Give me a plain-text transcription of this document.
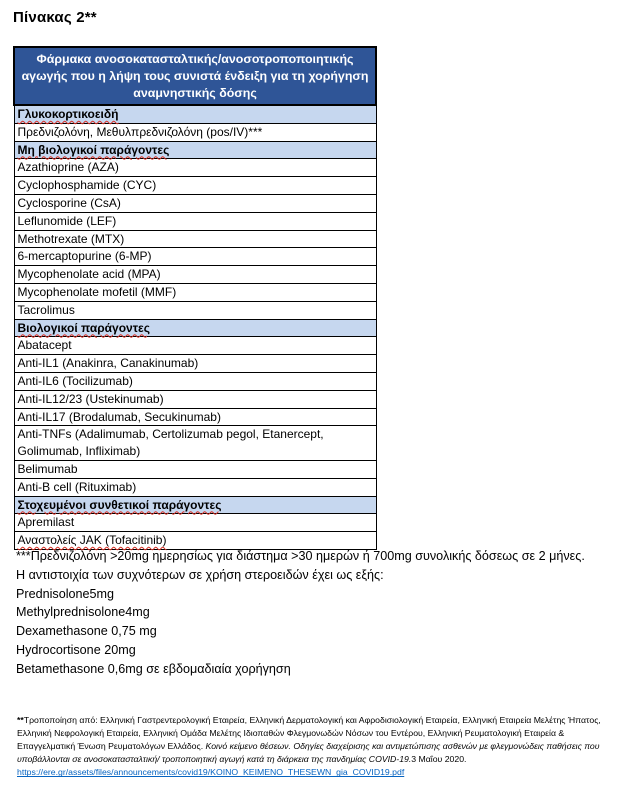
Πίνακας 2**
Φάρμακα ανοσοκατασταλτικής/ανοσοτροποποιητικής αγωγής που η λήψη τους συνιστά ένδειξη για τη χορήγηση αναμνηστικής δόσης
Γλυκοκορτικοειδή
Πρεδνιζολόνη, Μεθυλπρεδνιζολόνη (pos/IV)***
Μη βιολογικοί παράγοντες
Azathioprine (AZA)
Cyclophosphamide (CYC)
Cyclosporine (CsA)
Leflunomide (LEF)
Methotrexate (MTX)
6-mercaptopurine (6-MP)
Mycophenolate acid (MPA)
Mycophenolate mofetil (MMF)
Tacrolimus
Βιολογικοί παράγοντες
Abatacept
Anti-IL1 (Anakinra, Canakinumab)
Anti-IL6 (Tocilizumab)
Anti-IL12/23 (Ustekinumab)
Anti-IL17 (Brodalumab, Secukinumab)
Anti-TNFs (Adalimumab, Certolizumab pegol, Etanercept, Golimumab, Infliximab)
Belimumab
Anti-B cell (Rituximab)
Στοχευμένοι συνθετικοί παράγοντες
Apremilast
Αναστολείς JAK (Tofacitinib)

***Πρεδνιζολόνη >20mg ημερησίως για διάστημα >30 ημερών ή 700mg συνολικής δόσεως σε 2 μήνες.

Η αντιστοιχία των συχνότερων σε χρήση στεροειδών έχει ως εξής:

Prednisolone5mg

Methylprednisolone4mg

Dexamethasone 0,75 mg

Hydrocortisone 20mg

Betamethasone 0,6mg σε εβδομαδιαία χορήγηση

**Τροποποίηση από: Ελληνική Γαστρεντερολογική Εταιρεία, Ελληνική Δερματολογική και Αφροδισιολογική Εταιρεία, Ελληνική Εταιρεία Μελέτης Ήπατος, Ελληνική Νεφρολογική Εταιρεία, Ελληνική Ομάδα Μελέτης Ιδιοπαθών Φλεγμονωδών Νόσων του Εντέρου, Ελληνική Ρευματολογική Εταιρεία & Επαγγελματική Ένωση Ρευματολόγων Ελλάδος. Κοινό κείμενο θέσεων. Οδηγίες διαχείρισης και αντιμετώπισης ασθενών με φλεγμονώδεις παθήσεις που υποβάλλονται σε ανοσοκατασταλτική/ τροποποιητική αγωγή κατά τη διάρκεια της πανδημίας COVID-19.3 Μαΐου 2020.
https://ere.gr/assets/files/announcements/covid19/KOINO_KEIMENO_THESEWN_gia_COVID19.pdf
